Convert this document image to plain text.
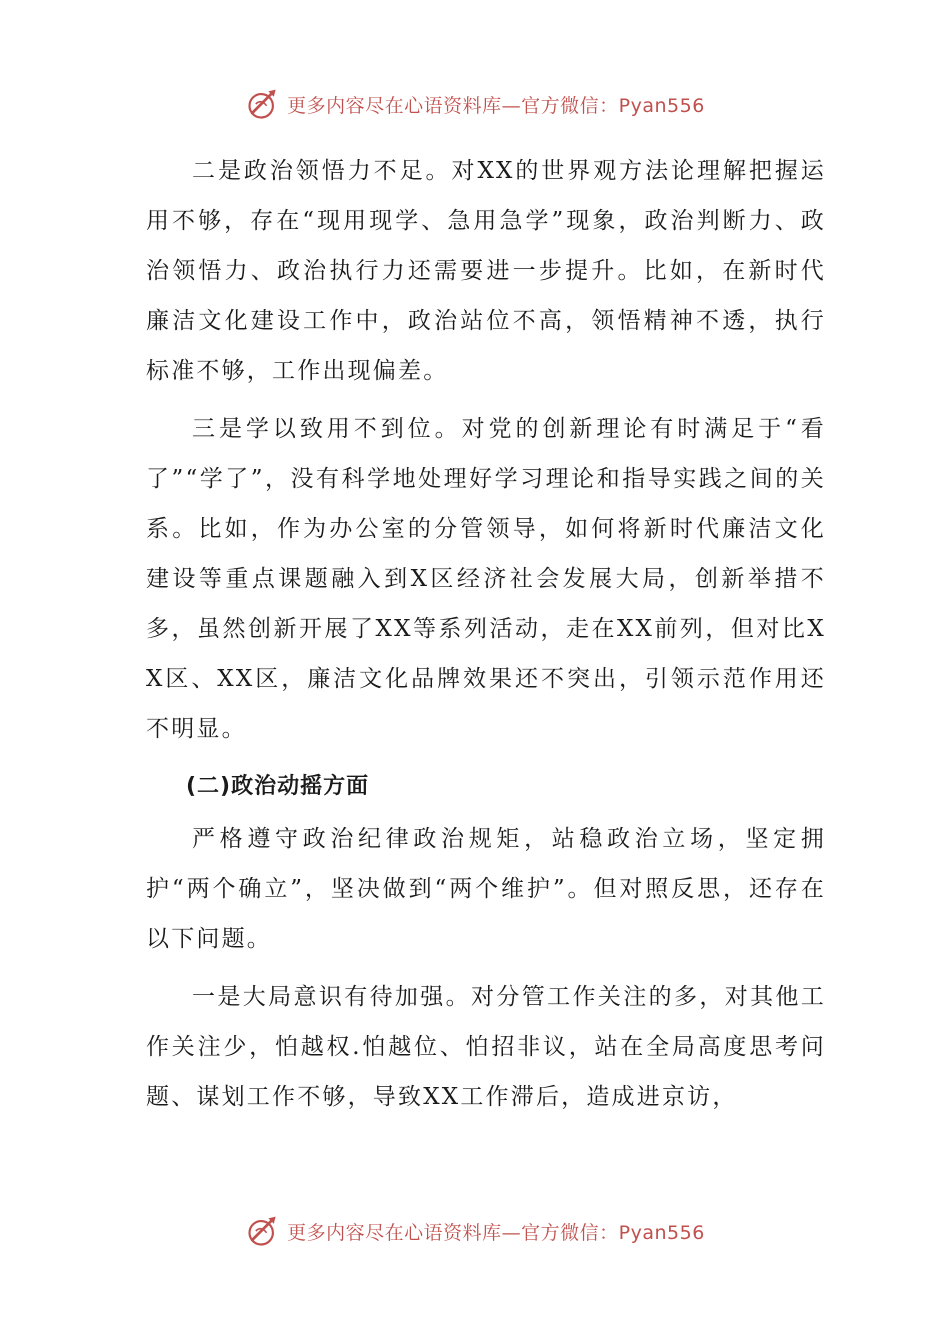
更多内容尽在心语资料库—官方微信：Pyan556

二是政治领悟力不足。对XX的世界观方法论理解把握运用不够，存在“现用现学、急用急学”现象，政治判断力、政治领悟力、政治执行力还需要进一步提升。比如，在新时代廉洁文化建设工作中，政治站位不高，领悟精神不透，执行标准不够，工作出现偏差。

三是学以致用不到位。对党的创新理论有时满足于“看了”“学了”，没有科学地处理好学习理论和指导实践之间的关系。比如，作为办公室的分管领导，如何将新时代廉洁文化建设等重点课题融入到X区经济社会发展大局，创新举措不多，虽然创新开展了XX等系列活动，走在XX前列，但对比XX区、XX区，廉洁文化品牌效果还不突出，引领示范作用还不明显。

(二)政治动摇方面

严格遵守政治纪律政治规矩，站稳政治立场，坚定拥护“两个确立”，坚决做到“两个维护”。但对照反思，还存在以下问题。

一是大局意识有待加强。对分管工作关注的多，对其他工作关注少，怕越权.怕越位、怕招非议，站在全局高度思考问题、谋划工作不够，导致XX工作滞后，造成进京访，

更多内容尽在心语资料库—官方微信：Pyan556
